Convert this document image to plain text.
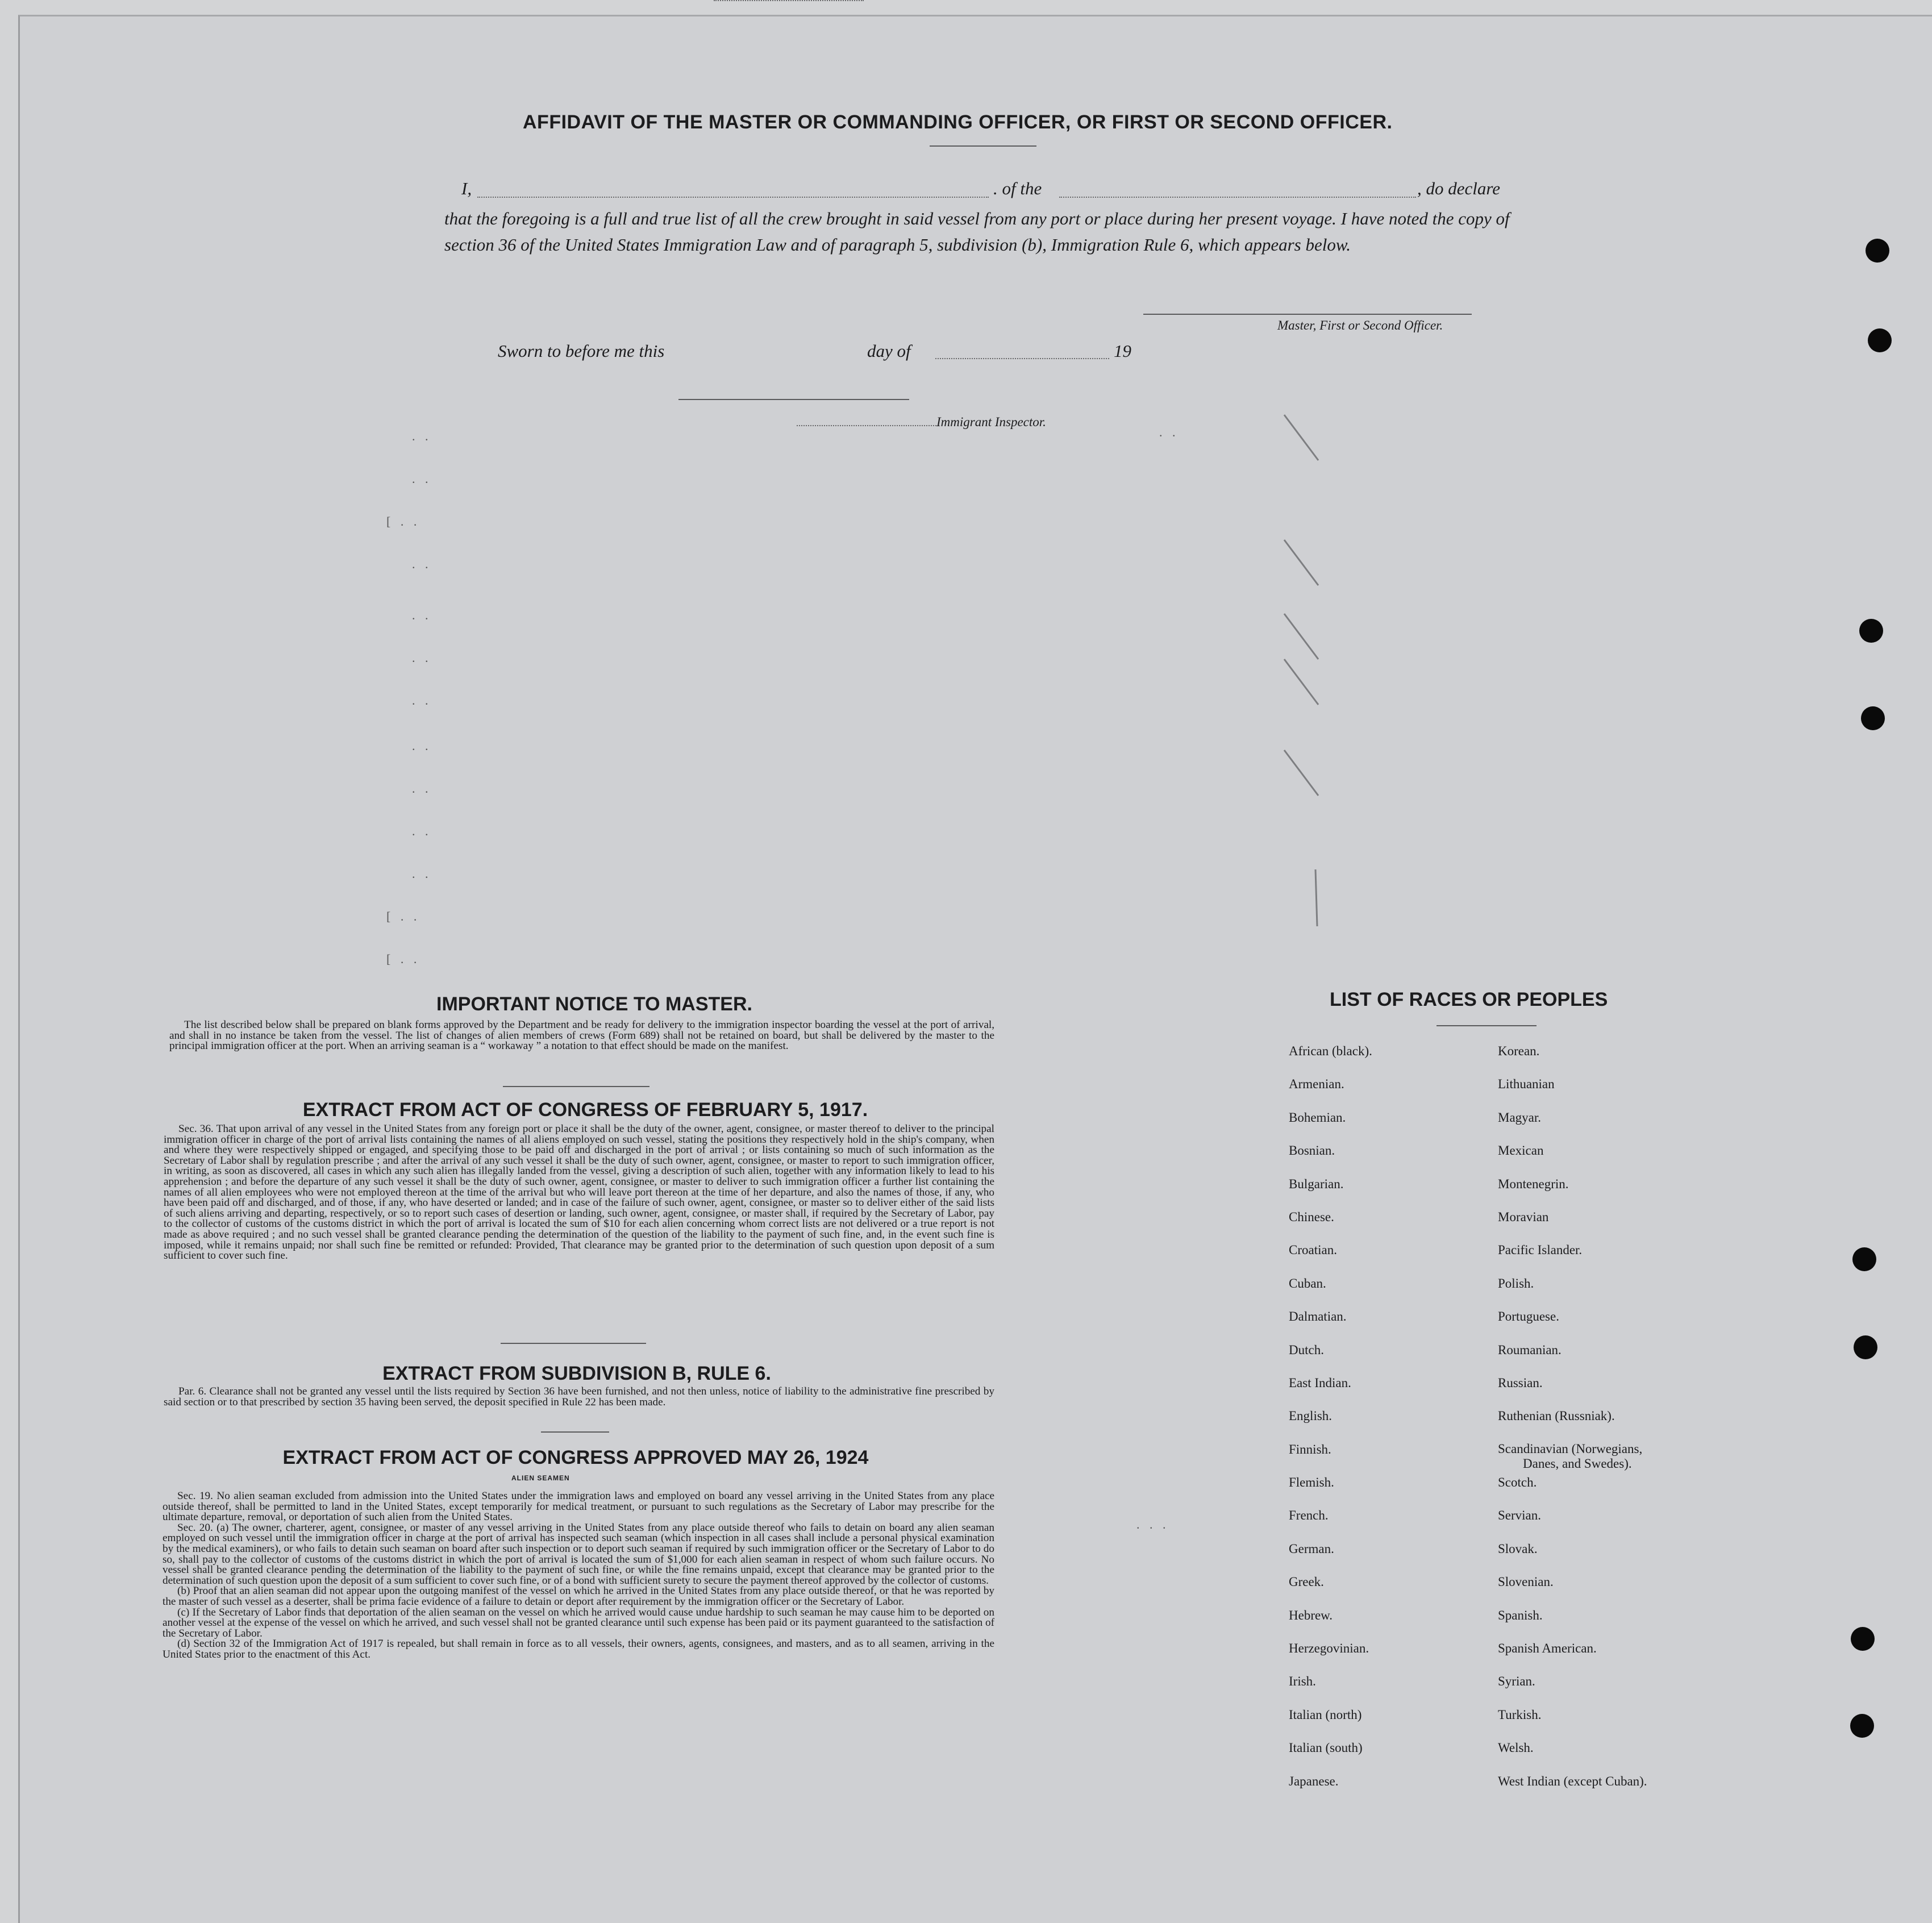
. .
. .
[ . .
. .
. .
. .
. .
. .
. .
. .
. .
[ . .
[ . .
. .
. . .
AFFIDAVIT OF THE MASTER OR COMMANDING OFFICER, OR FIRST OR SECOND OFFICER.
I,	. of the	, do declare
that the foregoing is a full and true list of all the crew brought in said vessel from any port or place during her present voyage. I have noted the copy of section 36 of the United States Immigration Law and of paragraph 5, subdivision (b), Immigration Rule 6, which appears below.
Master, First or Second Officer.
Sworn to before me this	day of	19
Immigrant Inspector.
IMPORTANT NOTICE TO MASTER.

The list described below shall be prepared on blank forms approved by the Department and be ready for delivery to the immigration inspector boarding the vessel at the port of arrival, and shall in no instance be taken from the vessel. The list of changes of alien members of crews (Form 689) shall not be retained on board, but shall be delivered by the master to the principal immigration officer at the port. When an arriving seaman is a “ workaway ” a notation to that effect should be made on the manifest.

EXTRACT FROM ACT OF CONGRESS OF FEBRUARY 5, 1917.

Sec. 36. That upon arrival of any vessel in the United States from any foreign port or place it shall be the duty of the owner, agent, consignee, or master thereof to deliver to the principal immigration officer in charge of the port of arrival lists containing the names of all aliens employed on such vessel, stating the positions they respectively hold in the ship's company, when and where they were respectively shipped or engaged, and specifying those to be paid off and discharged in the port of arrival ; or lists containing so much of such information as the Secretary of Labor shall by regulation prescribe ; and after the arrival of any such vessel it shall be the duty of such owner, agent, consignee, or master to report to such immigration officer, in writing, as soon as discovered, all cases in which any such alien has illegally landed from the vessel, giving a description of such alien, together with any information likely to lead to his apprehension ; and before the departure of any such vessel it shall be the duty of such owner, agent, consignee, or master to deliver to such immigration officer a further list containing the names of all alien employees who were not employed thereon at the time of the arrival but who will leave port thereon at the time of her departure, and also the names of those, if any, who have been paid off and discharged, and of those, if any, who have deserted or landed; and in case of the failure of such owner, agent, consignee, or master so to deliver either of the said lists of such aliens arriving and departing, respectively, or so to report such cases of desertion or landing, such owner, agent, consignee, or master shall, if required by the Secretary of Labor, pay to the collector of customs of the customs district in which the port of arrival is located the sum of $10 for each alien concerning whom correct lists are not delivered or a true report is not made as above required ; and no such vessel shall be granted clearance pending the determination of the question of the liability to the payment of such fine, and, in the event such fine is imposed, while it remains unpaid; nor shall such fine be remitted or refunded: Provided, That clearance may be granted prior to the determination of such question upon deposit of a sum sufficient to cover such fine.

EXTRACT FROM SUBDIVISION B, RULE 6.

Par. 6. Clearance shall not be granted any vessel until the lists required by Section 36 have been furnished, and not then unless, notice of liability to the administrative fine prescribed by said section or to that prescribed by section 35 having been served, the deposit specified in Rule 22 has been made.

EXTRACT FROM ACT OF CONGRESS APPROVED MAY 26, 1924
ALIEN SEAMEN

Sec. 19. No alien seaman excluded from admission into the United States under the immigration laws and employed on board any vessel arriving in the United States from any place outside thereof, shall be permitted to land in the United States, except temporarily for medical treatment, or pursuant to such regulations as the Secretary of Labor may prescribe for the ultimate departure, removal, or deportation of such alien from the United States.

Sec. 20. (a) The owner, charterer, agent, consignee, or master of any vessel arriving in the United States from any place outside thereof who fails to detain on board any alien seaman employed on such vessel until the immigration officer in charge at the port of arrival has inspected such seaman (which inspection in all cases shall include a personal physical examination by the medical examiners), or who fails to detain such seaman on board after such inspection or to deport such seaman if required by such immigration officer or the Secretary of Labor to do so, shall pay to the collector of customs of the customs district in which the port of arrival is located the sum of $1,000 for each alien seaman in respect of whom such failure occurs. No vessel shall be granted clearance pending the determination of the liability to the payment of such fine, or while the fine remains unpaid, except that clearance may be granted prior to the determination of such question upon the deposit of a sum sufficient to cover such fine, or of a bond with sufficient surety to secure the payment thereof approved by the collector of customs.

(b) Proof that an alien seaman did not appear upon the outgoing manifest of the vessel on which he arrived in the United States from any place outside thereof, or that he was reported by the master of such vessel as a deserter, shall be prima facie evidence of a failure to detain or deport after requirement by the immigration officer or the Secretary of Labor.

(c) If the Secretary of Labor finds that deportation of the alien seaman on the vessel on which he arrived would cause undue hardship to such seaman he may cause him to be deported on another vessel at the expense of the vessel on which he arrived, and such vessel shall not be granted clearance until such expense has been paid or its payment guaranteed to the satisfaction of the Secretary of Labor.

(d) Section 32 of the Immigration Act of 1917 is repealed, but shall remain in force as to all vessels, their owners, agents, consignees, and masters, and as to all seamen, arriving in the United States prior to the enactment of this Act.

LIST OF RACES OR PEOPLES
African (black).
Armenian.
Bohemian.
Bosnian.
Bulgarian.
Chinese.
Croatian.
Cuban.
Dalmatian.
Dutch.
East Indian.
English.
Finnish.
Flemish.
French.
German.
Greek.
Hebrew.
Herzegovinian.
Irish.
Italian (north)
Italian (south)
Japanese.
Korean.
Lithuanian
Magyar.
Mexican
Montenegrin.
Moravian
Pacific Islander.
Polish.
Portuguese.
Roumanian.
Russian.
Ruthenian (Russniak).
Scandinavian (Norwegians,
Danes, and Swedes).
Scotch.
Servian.
Slovak.
Slovenian.
Spanish.
Spanish American.
Syrian.
Turkish.
Welsh.
West Indian (except Cuban).
